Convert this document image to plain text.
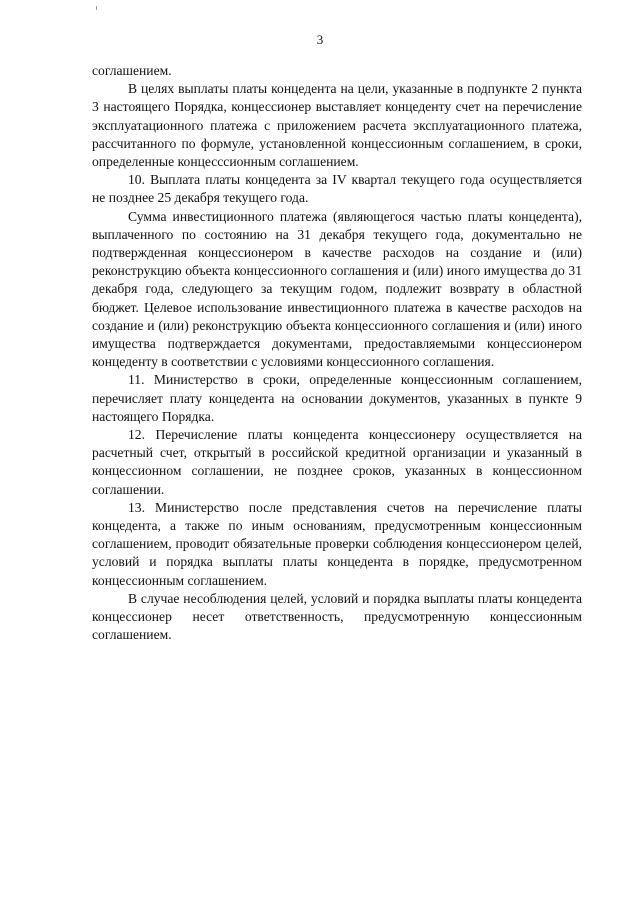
3

соглашением.

В целях выплаты платы концедента на цели, указанные в подпункте 2 пункта 3 настоящего Порядка, концессионер выставляет концеденту счет на перечисление эксплуатационного платежа с приложением расчета эксплуатационного платежа, рассчитанного по формуле, установленной концессионным соглашением, в сроки, определенные концесссионным соглашением.

10. Выплата платы концедента за IV квартал текущего года осуществляется не позднее 25 декабря текущего года.

Сумма инвестиционного платежа (являющегося частью платы концедента), выплаченного по состоянию на 31 декабря текущего года, документально не подтвержденная концессионером в качестве расходов на создание и (или) реконструкцию объекта концессионного соглашения и (или) иного имущества до 31 декабря года, следующего за текущим годом, подлежит возврату в областной бюджет. Целевое использование инвестиционного платежа в качестве расходов на создание и (или) реконструкцию объекта концессионного соглашения и (или) иного имущества подтверждается документами, предоставляемыми концессионером концеденту в соответствии с условиями концессионного соглашения.

11. Министерство в сроки, определенные концессионным соглашением, перечисляет плату концедента на основании документов, указанных в пункте 9 настоящего Порядка.

12. Перечисление платы концедента концессионеру осуществляется на расчетный счет, открытый в российской кредитной организации и указанный в концессионном соглашении, не позднее сроков, указанных в концессионном соглашении.

13. Министерство после представления счетов на перечисление платы концедента, а также по иным основаниям, предусмотренным концессионным соглашением, проводит обязательные проверки соблюдения концессионером целей, условий и порядка выплаты платы концедента в порядке, предусмотренном концессионным соглашением.

В случае несоблюдения целей, условий и порядка выплаты платы концедента концессионер несет ответственность, предусмотренную концессионным соглашением.
